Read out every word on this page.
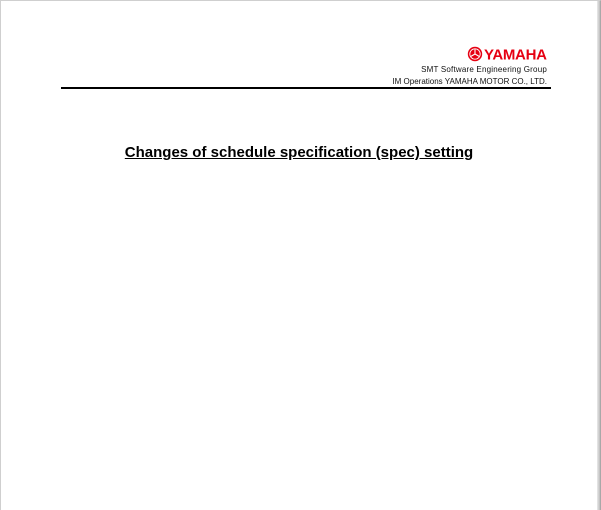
YAMAHA
SMT Software Engineering Group
IM Operations YAMAHA MOTOR CO., LTD.
Changes of schedule specification (spec) setting
